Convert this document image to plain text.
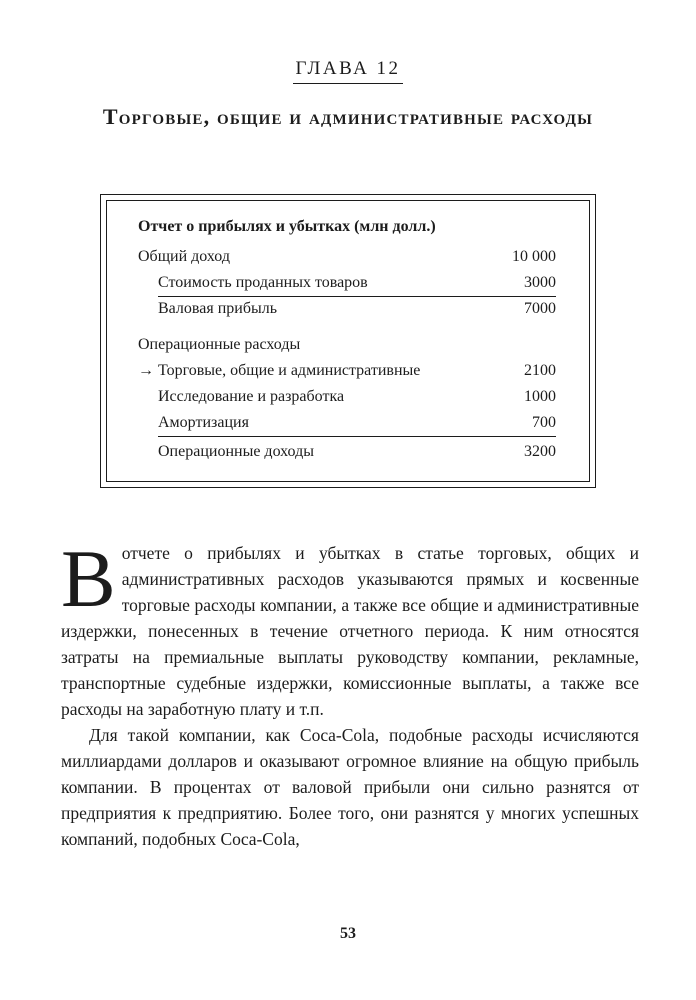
ГЛАВА 12
Торговые, общие и административные расходы
Отчет о прибылях и убытках (млн долл.)
Общий доход	10 000
Стоимость проданных товаров	3000
Валовая прибыль	7000
Операционные расходы
→ Торговые, общие и административные	2100
Исследование и разработка	1000
Амортизация	700
Операционные доходы	3200

В отчете о прибылях и убытках в статье торговых, общих и административных расходов указываются прямых и косвенные торговые расходы компании, а также все общие и административные издержки, понесенных в течение отчетного периода. К ним относятся затраты на премиальные выплаты руководству компании, рекламные, транспортные судебные издержки, комиссионные выплаты, а также все расходы на заработную плату и т.п.

Для такой компании, как Coca-Cola, подобные расходы исчисляются миллиардами долларов и оказывают огромное влияние на общую прибыль компании. В процентах от валовой прибыли они сильно разнятся от предприятия к предприятию. Более того, они разнятся у многих успешных компаний, подобных Coca-Cola,

53
